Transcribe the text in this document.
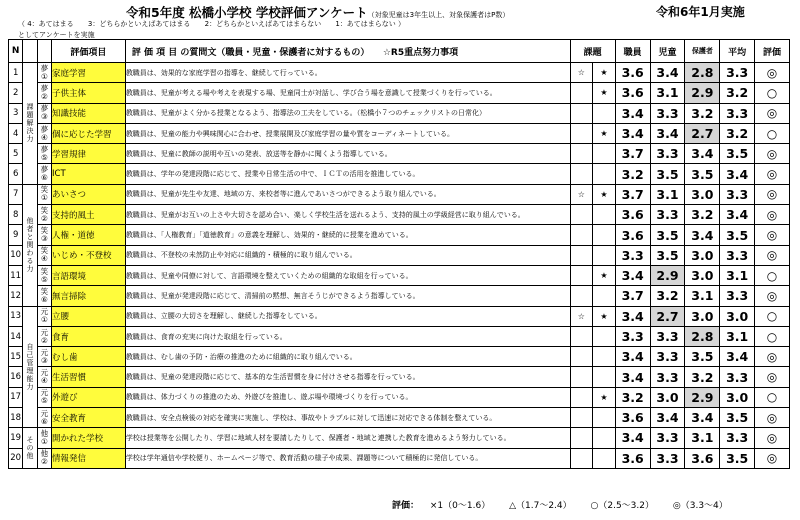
令和5年度 松橋小学校 学校評価アンケート（対象児童は3年生以上、対象保護者はP数）	令和6年1月実施
（ 4：あてはまる 3：どちらかといえばあてはまる 2：どちらかといえばあてはまらない 1：あてはまらない ） としてアンケートを実施
N			評価項目	評 価 項 目 の質問文（職員・児童・保護者に対するもの）　　☆R5重点努力事項	課題		職員	児童	保護者	平均	評価
1	課題解決力	夢①	家庭学習	教職員は、効果的な家庭学習の指導を、継続して行っている。	☆	★	3.6	3.4	2.8	3.3	◎
2		夢②	子供主体	教職員は、児童が考える場や考えを表現する場、児童同士が対話し、学び合う場を意識して授業づくりを行っている。		★	3.6	3.1	2.9	3.2	○
3		夢③	知識技能	教職員は、児童がよく分かる授業となるよう、指導法の工夫をしている。（松橋小７つのチェックリストの日常化）			3.4	3.3	3.2	3.3	◎
4		夢④	個に応じた学習	教職員は、児童の能力や興味関心に合わせ、授業展開及び家庭学習の量や質をコーディネートしている。		★	3.4	3.4	2.7	3.2	○
5		夢⑤	学習規律	教職員は、児童に教師の説明や互いの発表、放送等を静かに聞くよう指導している。			3.7	3.3	3.4	3.5	◎
6		夢⑥	ICT	教職員は、学年の発達段階に応じて、授業や日常生活の中で、ＩＣＴの活用を推進している。			3.2	3.5	3.5	3.4	◎
7	他者と関わる力	笑①	あいさつ	教職員は、児童が先生や友達、地域の方、来校者等に進んであいさつができるよう取り組んでいる。	☆	★	3.7	3.1	3.0	3.3	◎
8		笑②	支持的風土	教職員は、児童がお互いの上さや大切さを認め合い、楽しく学校生活を送れるよう、支持的風土の学級経営に取り組んでいる。			3.6	3.3	3.2	3.4	◎
9		笑③	人権・道徳	教職員は、「人権教育」「道徳教育」の意義を理解し、効果的・継続的に授業を進めている。			3.6	3.5	3.4	3.5	◎
10		笑④	いじめ・不登校	教職員は、不登校の未然防止や対応に組織的・積極的に取り組んでいる。			3.3	3.5	3.0	3.3	◎
11		笑⑤	言語環境	教職員は、児童や同僚に対して、言語環境を整えていくための組織的な取組を行っている。		★	3.4	2.9	3.0	3.1	○
12		笑⑥	無言掃除	教職員は、児童が発達段階に応じて、清掃前の黙想、無言そうじができるよう指導している。			3.7	3.2	3.1	3.3	◎
13	自己管理能力	元①	立腰	教職員は、立腰の大切さを理解し、継続した指導をしている。	☆	★	3.4	2.7	3.0	3.0	○
14		元②	食育	教職員は、食育の充実に向けた取組を行っている。			3.3	3.3	2.8	3.1	○
15		元③	むし歯	教職員は、むし歯の予防・治療の推進のために組織的に取り組んでいる。			3.4	3.3	3.5	3.4	◎
16		元④	生活習慣	教職員は、児童の発達段階に応じて、基本的な生活習慣を身に付けさせる指導を行っている。			3.4	3.3	3.2	3.3	◎
17		元⑤	外遊び	教職員は、体力づくりの推進のため、外遊びを推進し、遊ぶ場や環境づくりを行っている。		★	3.2	3.0	2.9	3.0	○
18		元⑥	安全教育	教職員は、安全点検後の対応を確実に実施し、学校は、事故やトラブルに対して迅速に対応できる体制を整えている。			3.6	3.4	3.4	3.5	◎
19	その他	他①	開かれた学校	学校は授業等を公開したり、学習に地域人材を要請したりして、保護者・地域と連携した教育を進めるよう努力している。			3.4	3.3	3.1	3.3	◎
20		他②	情報発信	学校は学年通信や学校便り、ホームページ等で、教育活動の様子や成果、課題等について積極的に発信している。			3.6	3.3	3.6	3.5	◎
評価： ×1（0～1.6） △（1.7～2.4） ○（2.5～3.2） ◎（3.3～4）
